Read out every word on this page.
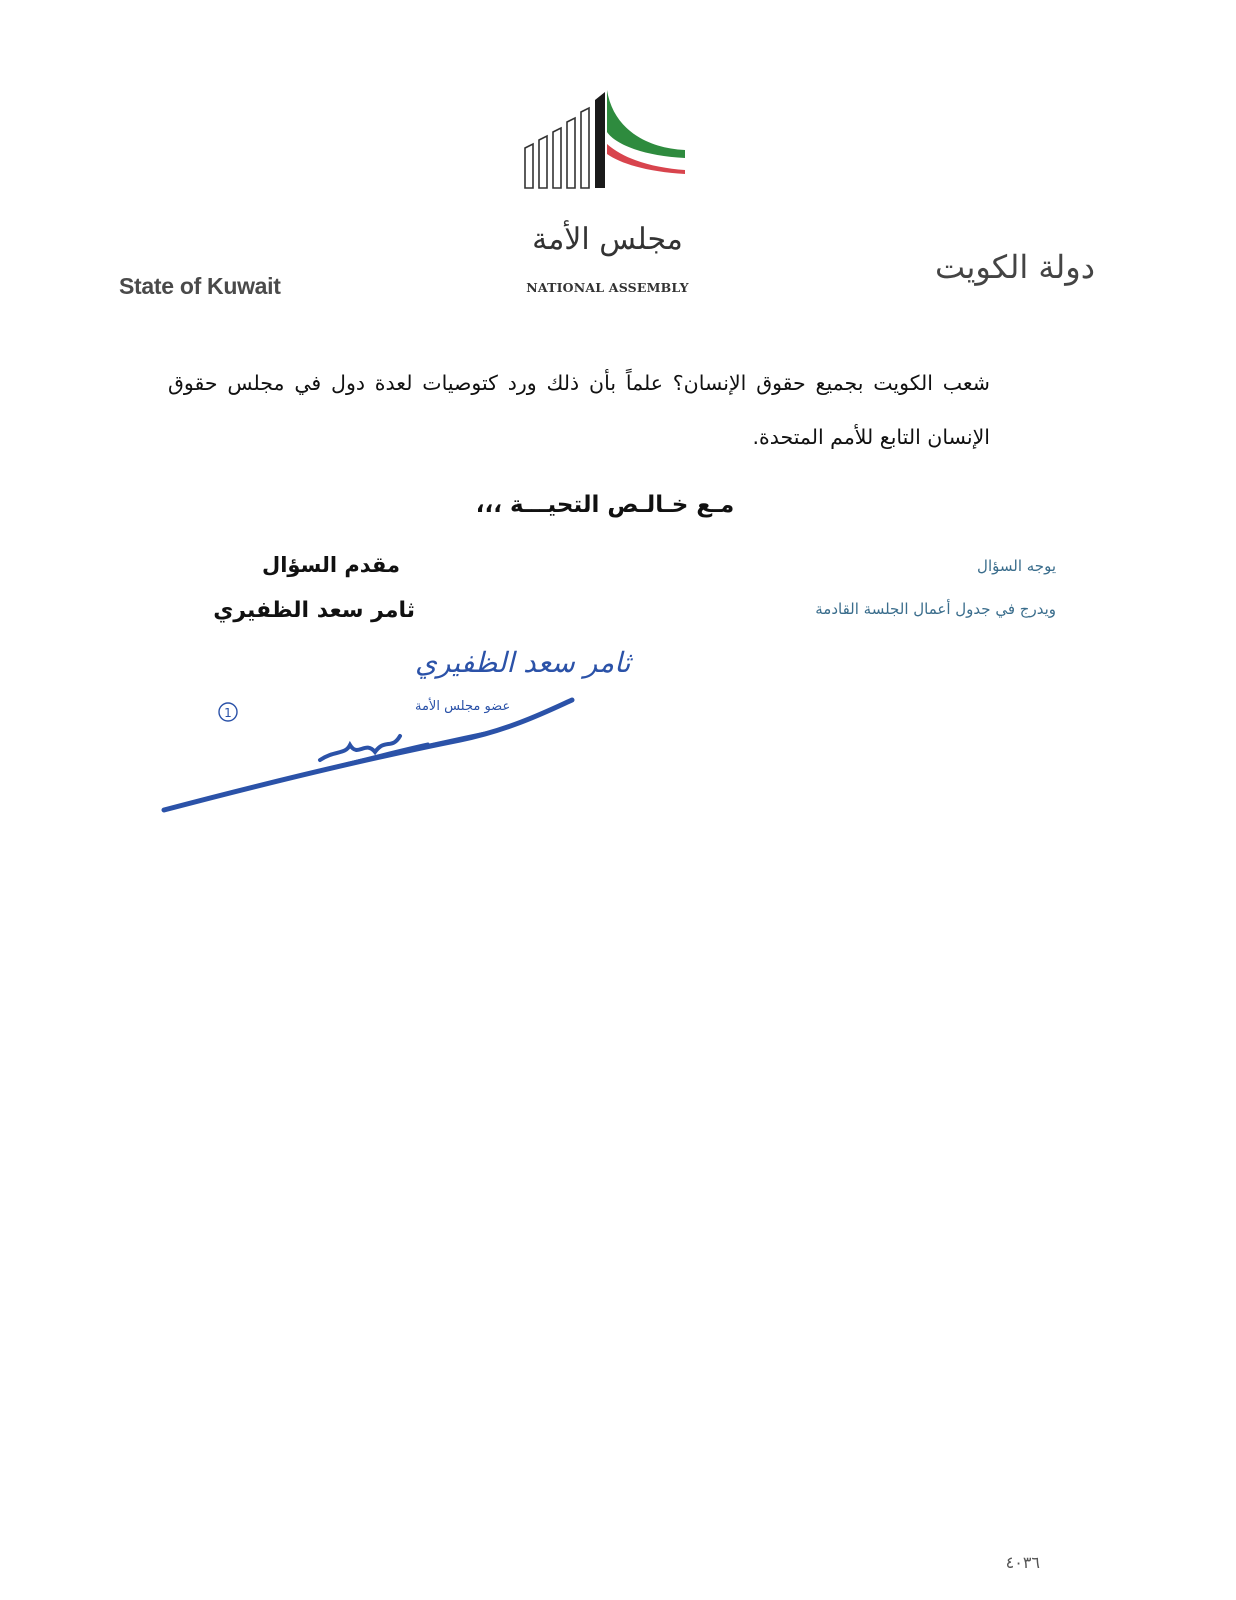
مجلس الأمة
NATIONAL ASSEMBLY
State of Kuwait	دولة الكويت
شعب الكويت بجميع حقوق الإنسان؟ علماً بأن ذلك ورد كتوصيات لعدة دول في مجلس حقوق الإنسان التابع للأمم المتحدة.
مـع خـالـص التحيـــة ،،،
مقدم السؤال
ثامر سعد الظفيري
يوجه السؤال
ويدرج في جدول أعمال الجلسة القادمة
ثامر سعد الظفيري
عضو مجلس الأمة
1
٤٠٣٦
